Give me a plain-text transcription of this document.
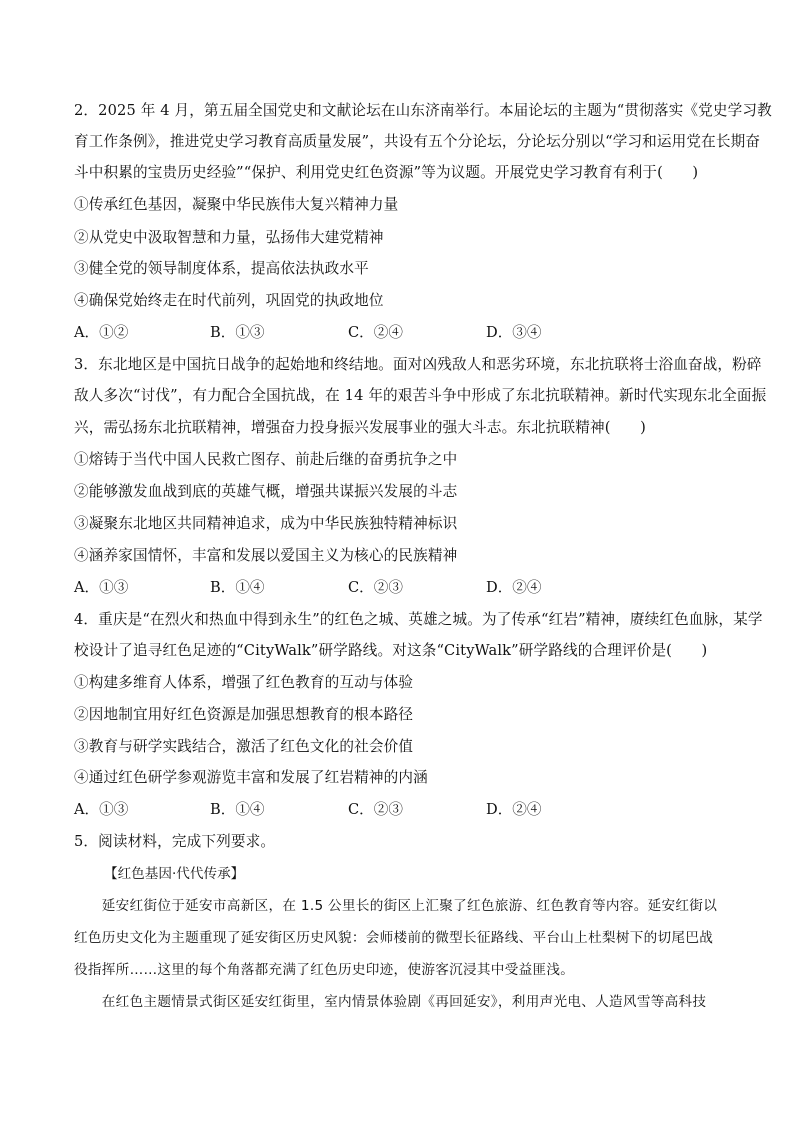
2．2025 年 4 月，第五届全国党史和文献论坛在山东济南举行。本届论坛的主题为“贯彻落实《党史学习教
育工作条例》，推进党史学习教育高质量发展”，共设有五个分论坛，分论坛分别以“学习和运用党在长期奋
斗中积累的宝贵历史经验”“保护、利用党史红色资源”等为议题。开展党史学习教育有利于(　　)
①传承红色基因，凝聚中华民族伟大复兴精神力量
②从党史中汲取智慧和力量，弘扬伟大建党精神
③健全党的领导制度体系，提高依法执政水平
④确保党始终走在时代前列，巩固党的执政地位
A．①②	B．①③	C．②④	D．③④
3．东北地区是中国抗日战争的起始地和终结地。面对凶残敌人和恶劣环境，东北抗联将士浴血奋战，粉碎
敌人多次“讨伐”，有力配合全国抗战，在 14 年的艰苦斗争中形成了东北抗联精神。新时代实现东北全面振
兴，需弘扬东北抗联精神，增强奋力投身振兴发展事业的强大斗志。东北抗联精神(　　)
①熔铸于当代中国人民救亡图存、前赴后继的奋勇抗争之中
②能够激发血战到底的英雄气概，增强共谋振兴发展的斗志
③凝聚东北地区共同精神追求，成为中华民族独特精神标识
④涵养家国情怀，丰富和发展以爱国主义为核心的民族精神
A．①③	B．①④	C．②③	D．②④
4．重庆是“在烈火和热血中得到永生”的红色之城、英雄之城。为了传承“红岩”精神，赓续红色血脉，某学
校设计了追寻红色足迹的“CityWalk”研学路线。对这条“CityWalk”研学路线的合理评价是(　　)
①构建多维育人体系，增强了红色教育的互动与体验
②因地制宜用好红色资源是加强思想教育的根本路径
③教育与研学实践结合，激活了红色文化的社会价值
④通过红色研学参观游览丰富和发展了红岩精神的内涵
A．①③	B．①④	C．②③	D．②④
5．阅读材料，完成下列要求。
【红色基因·代代传承】
　　延安红街位于延安市高新区，在 1.5 公里长的街区上汇聚了红色旅游、红色教育等内容。延安红街以
红色历史文化为主题重现了延安街区历史风貌：会师楼前的微型长征路线、平台山上杜梨树下的切尾巴战
役指挥所……这里的每个角落都充满了红色历史印迹，使游客沉浸其中受益匪浅。
　　在红色主题情景式街区延安红街里，室内情景体验剧《再回延安》，利用声光电、人造风雪等高科技
